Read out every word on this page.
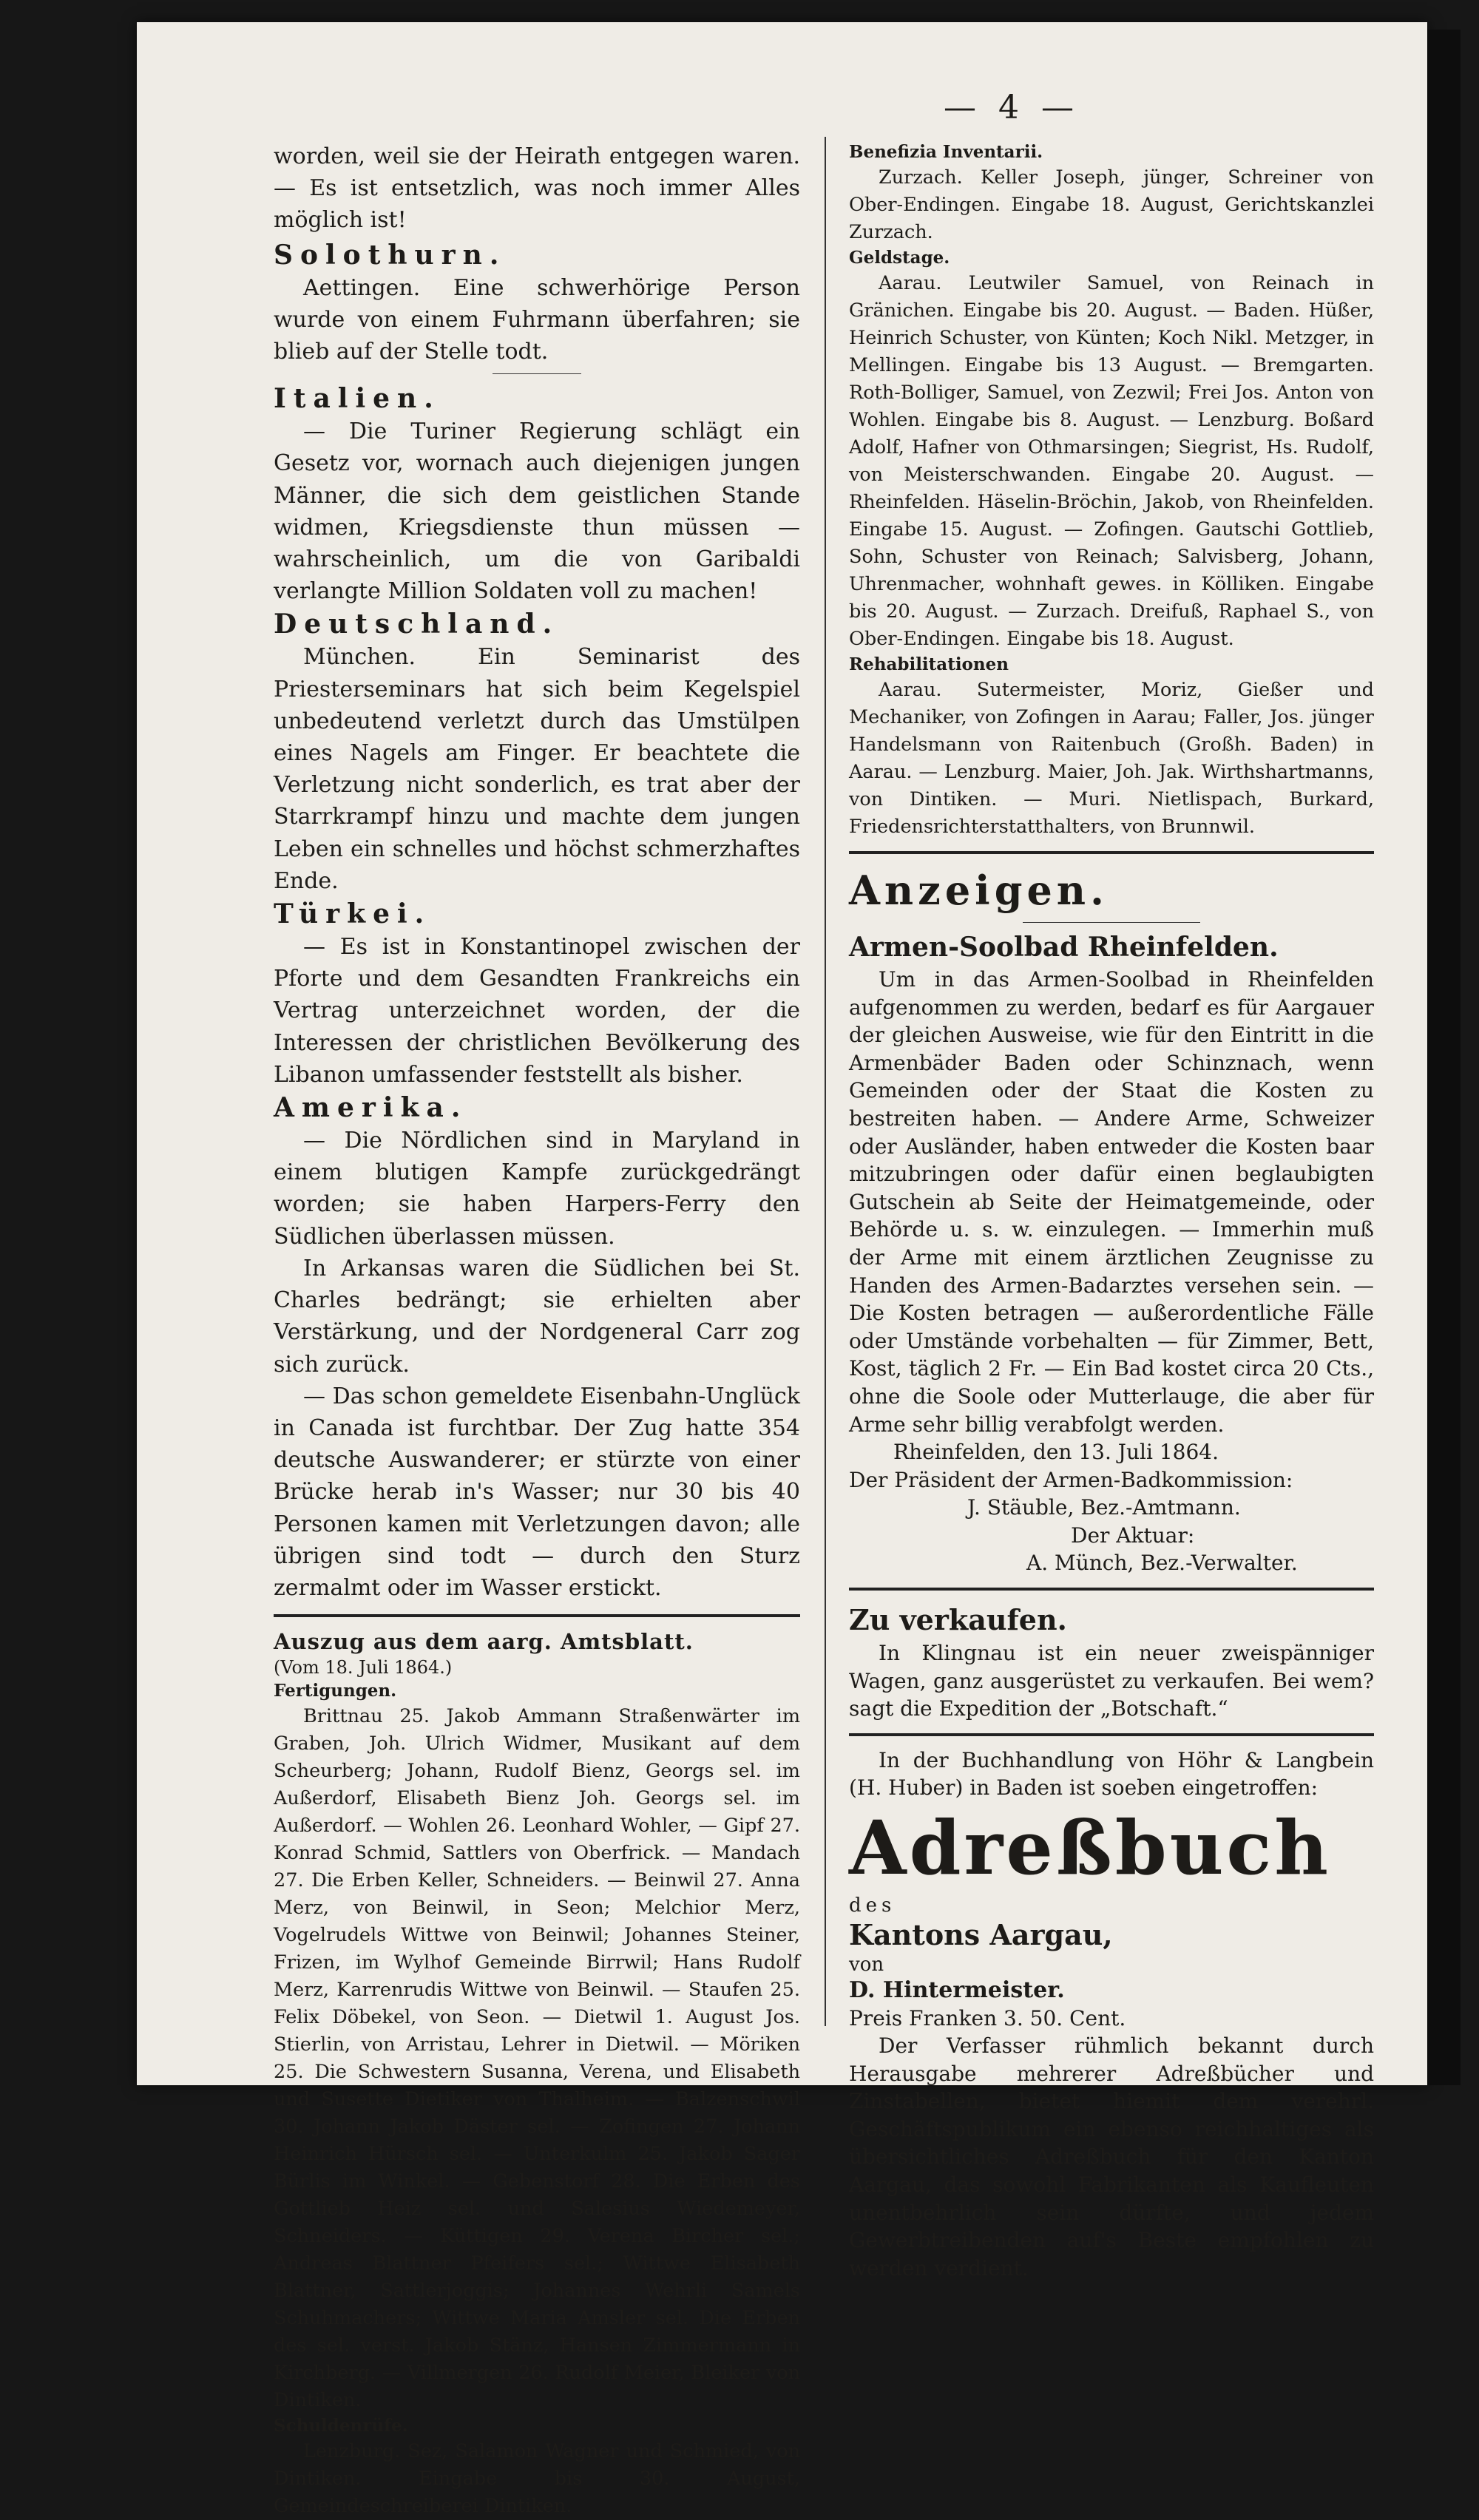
— 4 —

worden, weil sie der Heirath entgegen waren. — Es ist entsetzlich, was noch immer Alles möglich ist!

Solothurn.

Aettingen. Eine schwerhörige Person wurde von einem Fuhrmann überfahren; sie blieb auf der Stelle todt.

Italien.

— Die Turiner Regierung schlägt ein Gesetz vor, wornach auch diejenigen jungen Männer, die sich dem geistlichen Stande widmen, Kriegsdienste thun müssen — wahrscheinlich, um die von Garibaldi verlangte Million Soldaten voll zu machen!

Deutschland.

München. Ein Seminarist des Priesterseminars hat sich beim Kegelspiel unbedeutend verletzt durch das Umstülpen eines Nagels am Finger. Er beachtete die Verletzung nicht sonderlich, es trat aber der Starrkrampf hinzu und machte dem jungen Leben ein schnelles und höchst schmerzhaftes Ende.

Türkei.

— Es ist in Konstantinopel zwischen der Pforte und dem Gesandten Frankreichs ein Vertrag unterzeichnet worden, der die Interessen der christlichen Bevölkerung des Libanon umfassender feststellt als bisher.

Amerika.

— Die Nördlichen sind in Maryland in einem blutigen Kampfe zurückgedrängt worden; sie haben Harpers-Ferry den Südlichen überlassen müssen.

In Arkansas waren die Südlichen bei St. Charles bedrängt; sie erhielten aber Verstärkung, und der Nordgeneral Carr zog sich zurück.

— Das schon gemeldete Eisenbahn-Unglück in Canada ist furchtbar. Der Zug hatte 354 deutsche Auswanderer; er stürzte von einer Brücke herab in's Wasser; nur 30 bis 40 Personen kamen mit Verletzungen davon; alle übrigen sind todt — durch den Sturz zermalmt oder im Wasser erstickt.

Auszug aus dem aarg. Amtsblatt.

(Vom 18. Juli 1864.)

Fertigungen.

Brittnau 25. Jakob Ammann Straßenwärter im Graben, Joh. Ulrich Widmer, Musikant auf dem Scheurberg; Johann, Rudolf Bienz, Georgs sel. im Außerdorf, Elisabeth Bienz Joh. Georgs sel. im Außerdorf. — Wohlen 26. Leonhard Wohler, — Gipf 27. Konrad Schmid, Sattlers von Oberfrick. — Mandach 27. Die Erben Keller, Schneiders. — Beinwil 27. Anna Merz, von Beinwil, in Seon; Melchior Merz, Vogelrudels Wittwe von Beinwil; Johannes Steiner, Frizen, im Wylhof Gemeinde Birrwil; Hans Rudolf Merz, Karrenrudis Wittwe von Beinwil. — Staufen 25. Felix Döbekel, von Seon. — Dietwil 1. August Jos. Stierlin, von Arristau, Lehrer in Dietwil. — Möriken 25. Die Schwestern Susanna, Verena, und Elisabeth und Susette Dietiker von Thalheim. — Balzenschwil 30. Johann Jakob Däster sel. — Zofingen 27. Johann Heinrich Hürsch sel. — Unterkulm 25. Jakob Sager Bürlis im Winkel. — Gebenstorf 28. Die Erben des Gottlieb Heiz sel. und Salesius Wiedemeyer, Schneiders. — Küttigen 29. Verena Bircher sel.; Andreas Blattner Pfeifers sel.; Wittwe Elisabeth Blattner, Sattlerjoggis; Johannes Wehrli Samels Schuhmachers; Wittwe Maria Amsler sel. Die Erben des sel. verst. Jakob Stänz, Hansen Zimmermann in Kirchberg. — Villmergen 26. Rudolf Meier, Bleiker von Dintiken.

Schuldenrüfe.

Lenzburg. Sez, Salamon Wagner und Schmied, von Dintiken. Eingabe bis 30. August, Gemeindeschreiberei Dintiken.

Benefizia Inventarii.

Zurzach. Keller Joseph, jünger, Schreiner von Ober-Endingen. Eingabe 18. August, Gerichtskanzlei Zurzach.

Geldstage.

Aarau. Leutwiler Samuel, von Reinach in Gränichen. Eingabe bis 20. August. — Baden. Hüßer, Heinrich Schuster, von Künten; Koch Nikl. Metzger, in Mellingen. Eingabe bis 13 August. — Bremgarten. Roth-Bolliger, Samuel, von Zezwil; Frei Jos. Anton von Wohlen. Eingabe bis 8. August. — Lenzburg. Boßard Adolf, Hafner von Othmarsingen; Siegrist, Hs. Rudolf, von Meisterschwanden. Eingabe 20. August. — Rheinfelden. Häselin-Bröchin, Jakob, von Rheinfelden. Eingabe 15. August. — Zofingen. Gautschi Gottlieb, Sohn, Schuster von Reinach; Salvisberg, Johann, Uhrenmacher, wohnhaft gewes. in Kölliken. Eingabe bis 20. August. — Zurzach. Dreifuß, Raphael S., von Ober-Endingen. Eingabe bis 18. August.

Rehabilitationen

Aarau. Sutermeister, Moriz, Gießer und Mechaniker, von Zofingen in Aarau; Faller, Jos. jünger Handelsmann von Raitenbuch (Großh. Baden) in Aarau. — Lenzburg. Maier, Joh. Jak. Wirthshartmanns, von Dintiken. — Muri. Nietlispach, Burkard, Friedensrichterstatthalters, von Brunnwil.

Anzeigen.

Armen-Soolbad Rheinfelden.

Um in das Armen-Soolbad in Rheinfelden aufgenommen zu werden, bedarf es für Aargauer der gleichen Ausweise, wie für den Eintritt in die Armenbäder Baden oder Schinznach, wenn Gemeinden oder der Staat die Kosten zu bestreiten haben. — Andere Arme, Schweizer oder Ausländer, haben entweder die Kosten baar mitzubringen oder dafür einen beglaubigten Gutschein ab Seite der Heimatgemeinde, oder Behörde u. s. w. einzulegen. — Immerhin muß der Arme mit einem ärztlichen Zeugnisse zu Handen des Armen-Badarztes versehen sein. — Die Kosten betragen — außerordentliche Fälle oder Umstände vorbehalten — für Zimmer, Bett, Kost, täglich 2 Fr. — Ein Bad kostet circa 20 Cts., ohne die Soole oder Mutterlauge, die aber für Arme sehr billig verabfolgt werden.

Rheinfelden, den 13. Juli 1864.

Der Präsident der Armen-Badkommission:

J. Stäuble, Bez.-Amtmann.

Der Aktuar:

A. Münch, Bez.-Verwalter.

Zu verkaufen.

In Klingnau ist ein neuer zweispänniger Wagen, ganz ausgerüstet zu verkaufen. Bei wem? sagt die Expedition der „Botschaft.“

In der Buchhandlung von Höhr & Langbein (H. Huber) in Baden ist soeben eingetroffen:

Adreßbuch

des

Kantons Aargau,

von

D. Hintermeister.

Preis Franken 3. 50. Cent.

Der Verfasser rühmlich bekannt durch Herausgabe mehrerer Adreßbücher und Zinstabellen, bietet hiemit dem verehrl. Geschäftspublikum ein ebenso reichhaltiges als übersichtliches Adreßbuch für den Kanton Aargau, das sowohl Fabrikanten als Kaufleuten unentbehrlich sein dürfte, und jedem Gewerbtreibenden auf's Beste empfohlen zu werden verdient.
